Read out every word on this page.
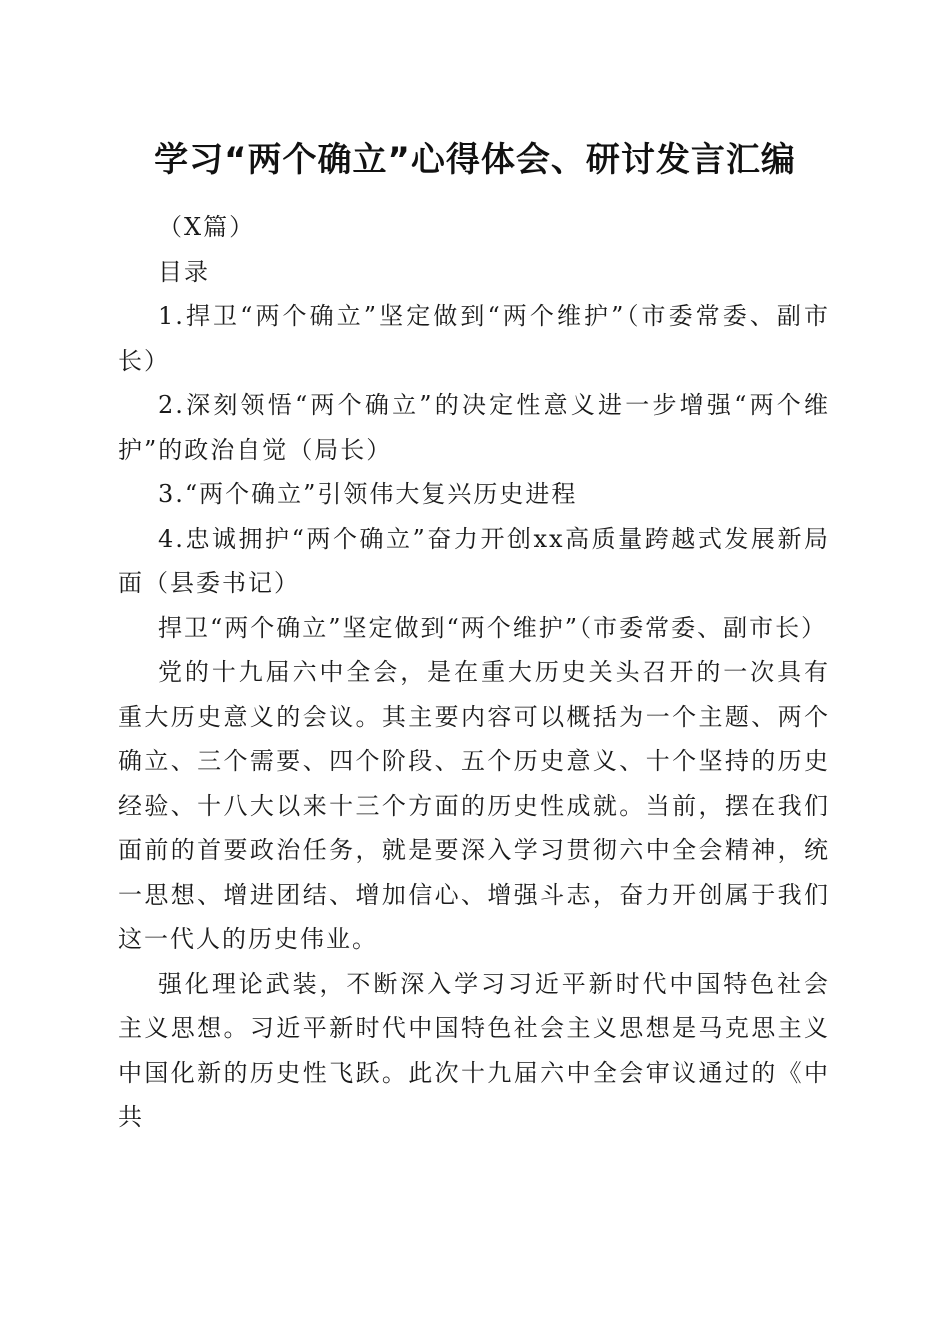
学习“两个确立”心得体会、研讨发言汇编

（X篇）

目录

1.捍卫“两个确立”坚定做到“两个维护”（市委常委、副市长）

2.深刻领悟“两个确立”的决定性意义进一步增强“两个维护”的政治自觉（局长）

3.“两个确立”引领伟大复兴历史进程

4.忠诚拥护“两个确立”奋力开创xx高质量跨越式发展新局面（县委书记）

捍卫“两个确立”坚定做到“两个维护”（市委常委、副市长）

党的十九届六中全会，是在重大历史关头召开的一次具有重大历史意义的会议。其主要内容可以概括为一个主题、两个确立、三个需要、四个阶段、五个历史意义、十个坚持的历史经验、十八大以来十三个方面的历史性成就。当前，摆在我们面前的首要政治任务，就是要深入学习贯彻六中全会精神，统一思想、增进团结、增加信心、增强斗志，奋力开创属于我们这一代人的历史伟业。

强化理论武装，不断深入学习习近平新时代中国特色社会主义思想。习近平新时代中国特色社会主义思想是马克思主义中国化新的历史性飞跃。此次十九届六中全会审议通过的《中共
